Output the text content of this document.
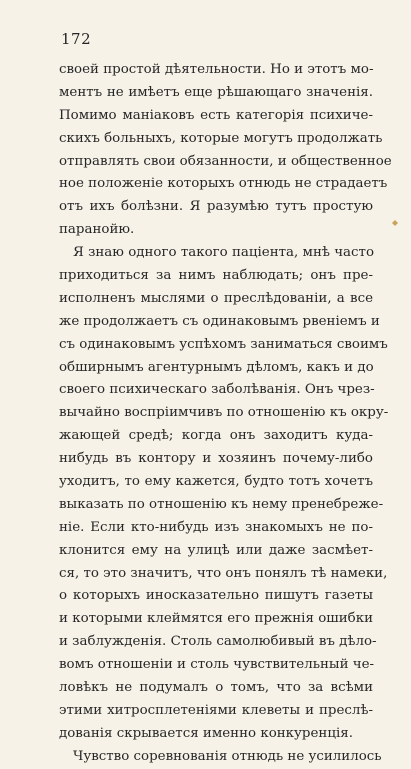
172
своей простой дѣятельности. Но и этотъ мо-
ментъ не имѣетъ еще рѣшающаго значенія.
Помимо маніаковъ есть категорія психиче-
скихъ больныхъ, которые могутъ продолжать
отправлять свои обязанности, и общественное
ное положеніе которыхъ отнюдь не страдаетъ
отъ ихъ болѣзни. Я разумѣю тутъ простую
паранойю.
Я знаю одного такого паціента, мнѣ часто
приходиться за нимъ наблюдать; онъ пре-
исполненъ мыслями о преслѣдованіи, а все
же продолжаетъ съ одинаковымъ рвеніемъ и
съ одинаковымъ успѣхомъ заниматься своимъ
обширнымъ агентурнымъ дѣломъ, какъ и до
своего психическаго заболѣванія. Онъ чрез-
вычайно воспріимчивъ по отношенію къ окру-
жающей средѣ; когда онъ заходитъ куда-
нибудь въ контору и хозяинъ почему-либо
уходитъ, то ему кажется, будто тотъ хочетъ
выказать по отношенію къ нему пренебреже-
ніе. Если кто-нибудь изъ знакомыхъ не по-
клонится ему на улицѣ или даже засмѣет-
ся, то это значитъ, что онъ понялъ тѣ намеки,
о которыхъ иносказательно пишутъ газеты
и которыми клеймятся его прежнія ошибки
и заблужденія. Столь самолюбивый въ дѣло-
вомъ отношеніи и столь чувствительный че-
ловѣкъ не подумалъ о томъ, что за всѣми
этими хитросплетеніями клеветы и преслѣ-
дованія скрывается именно конкуренція.
Чувство соревнованія отнюдь не усилилось
